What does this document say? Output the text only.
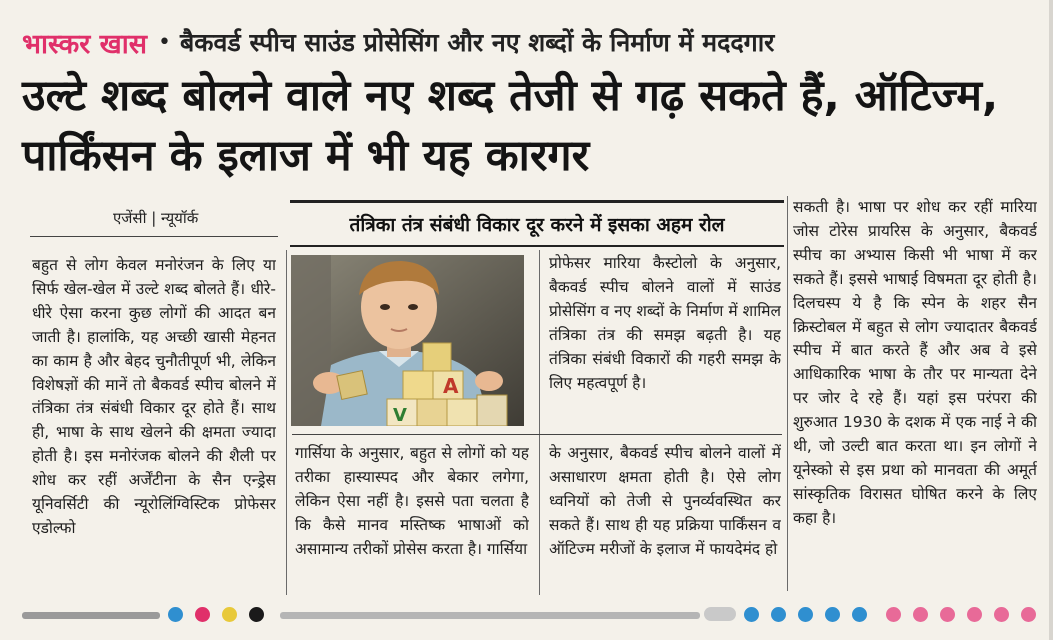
भास्कर खास • बैकवर्ड स्पीच साउंड प्रोसेसिंग और नए शब्दों के निर्माण में मददगार
उल्टे शब्द बोलने वाले नए शब्द तेजी से गढ़ सकते हैं, ऑटिज्म, पार्किंसन के इलाज में भी यह कारगर
एजेंसी | न्यूयॉर्क	तंत्रिका तंत्र संबंधी विकार दूर करने में इसका अहम रोल
बहुत से लोग केवल मनोरंजन के लिए या सिर्फ खेल-खेल में उल्टे शब्द बोलते हैं। धीरे-धीरे ऐसा करना कुछ लोगों की आदत बन जाती है। हालांकि, यह अच्छी खासी मेहनत का काम है और बेहद चुनौतीपूर्ण भी, लेकिन विशेषज्ञों की मानें तो बैकवर्ड स्पीच बोलने में तंत्रिका तंत्र संबंधी विकार दूर होते हैं। साथ ही, भाषा के साथ खेलने की क्षमता ज्यादा होती है। इस मनोरंजक बोलने की शैली पर शोध कर रहीं अर्जेंटीना के सैन एन्ड्रेस यूनिवर्सिटी की न्यूरोलिंग्विस्टिक प्रोफेसर एडोल्फो
A
V
गार्सिया के अनुसार, बहुत से लोगों को यह तरीका हास्यास्पद और बेकार लगेगा, लेकिन ऐसा नहीं है। इससे पता चलता है कि कैसे मानव मस्तिष्क भाषाओं को असामान्य तरीकों प्रोसेस करता है। गार्सिया
प्रोफेसर मारिया कैस्टोलो के अनुसार, बैकवर्ड स्पीच बोलने वालों में साउंड प्रोसेसिंग व नए शब्दों के निर्माण में शामिल तंत्रिका तंत्र की समझ बढ़ती है। यह तंत्रिका संबंधी विकारों की गहरी समझ के लिए महत्वपूर्ण है।
के अनुसार, बैकवर्ड स्पीच बोलने वालों में असाधारण क्षमता होती है। ऐसे लोग ध्वनियों को तेजी से पुनर्व्यवस्थित कर सकते हैं। साथ ही यह प्रक्रिया पार्किंसन व ऑटिज्म मरीजों के इलाज में फायदेमंद हो
सकती है। भाषा पर शोध कर रहीं मारिया जोस टोरेस प्रायरिस के अनुसार, बैकवर्ड स्पीच का अभ्यास किसी भी भाषा में कर सकते हैं। इससे भाषाई विषमता दूर होती है। दिलचस्प ये है कि स्पेन के शहर सैन क्रिस्टोबल में बहुत से लोग ज्यादातर बैकवर्ड स्पीच में बात करते हैं और अब वे इसे आधिकारिक भाषा के तौर पर मान्यता देने पर जोर दे रहे हैं। यहां इस परंपरा की शुरुआत 1930 के दशक में एक नाई ने की थी, जो उल्टी बात करता था। इन लोगों ने यूनेस्को से इस प्रथा को मानवता की अमूर्त सांस्कृतिक विरासत घोषित करने के लिए कहा है।
